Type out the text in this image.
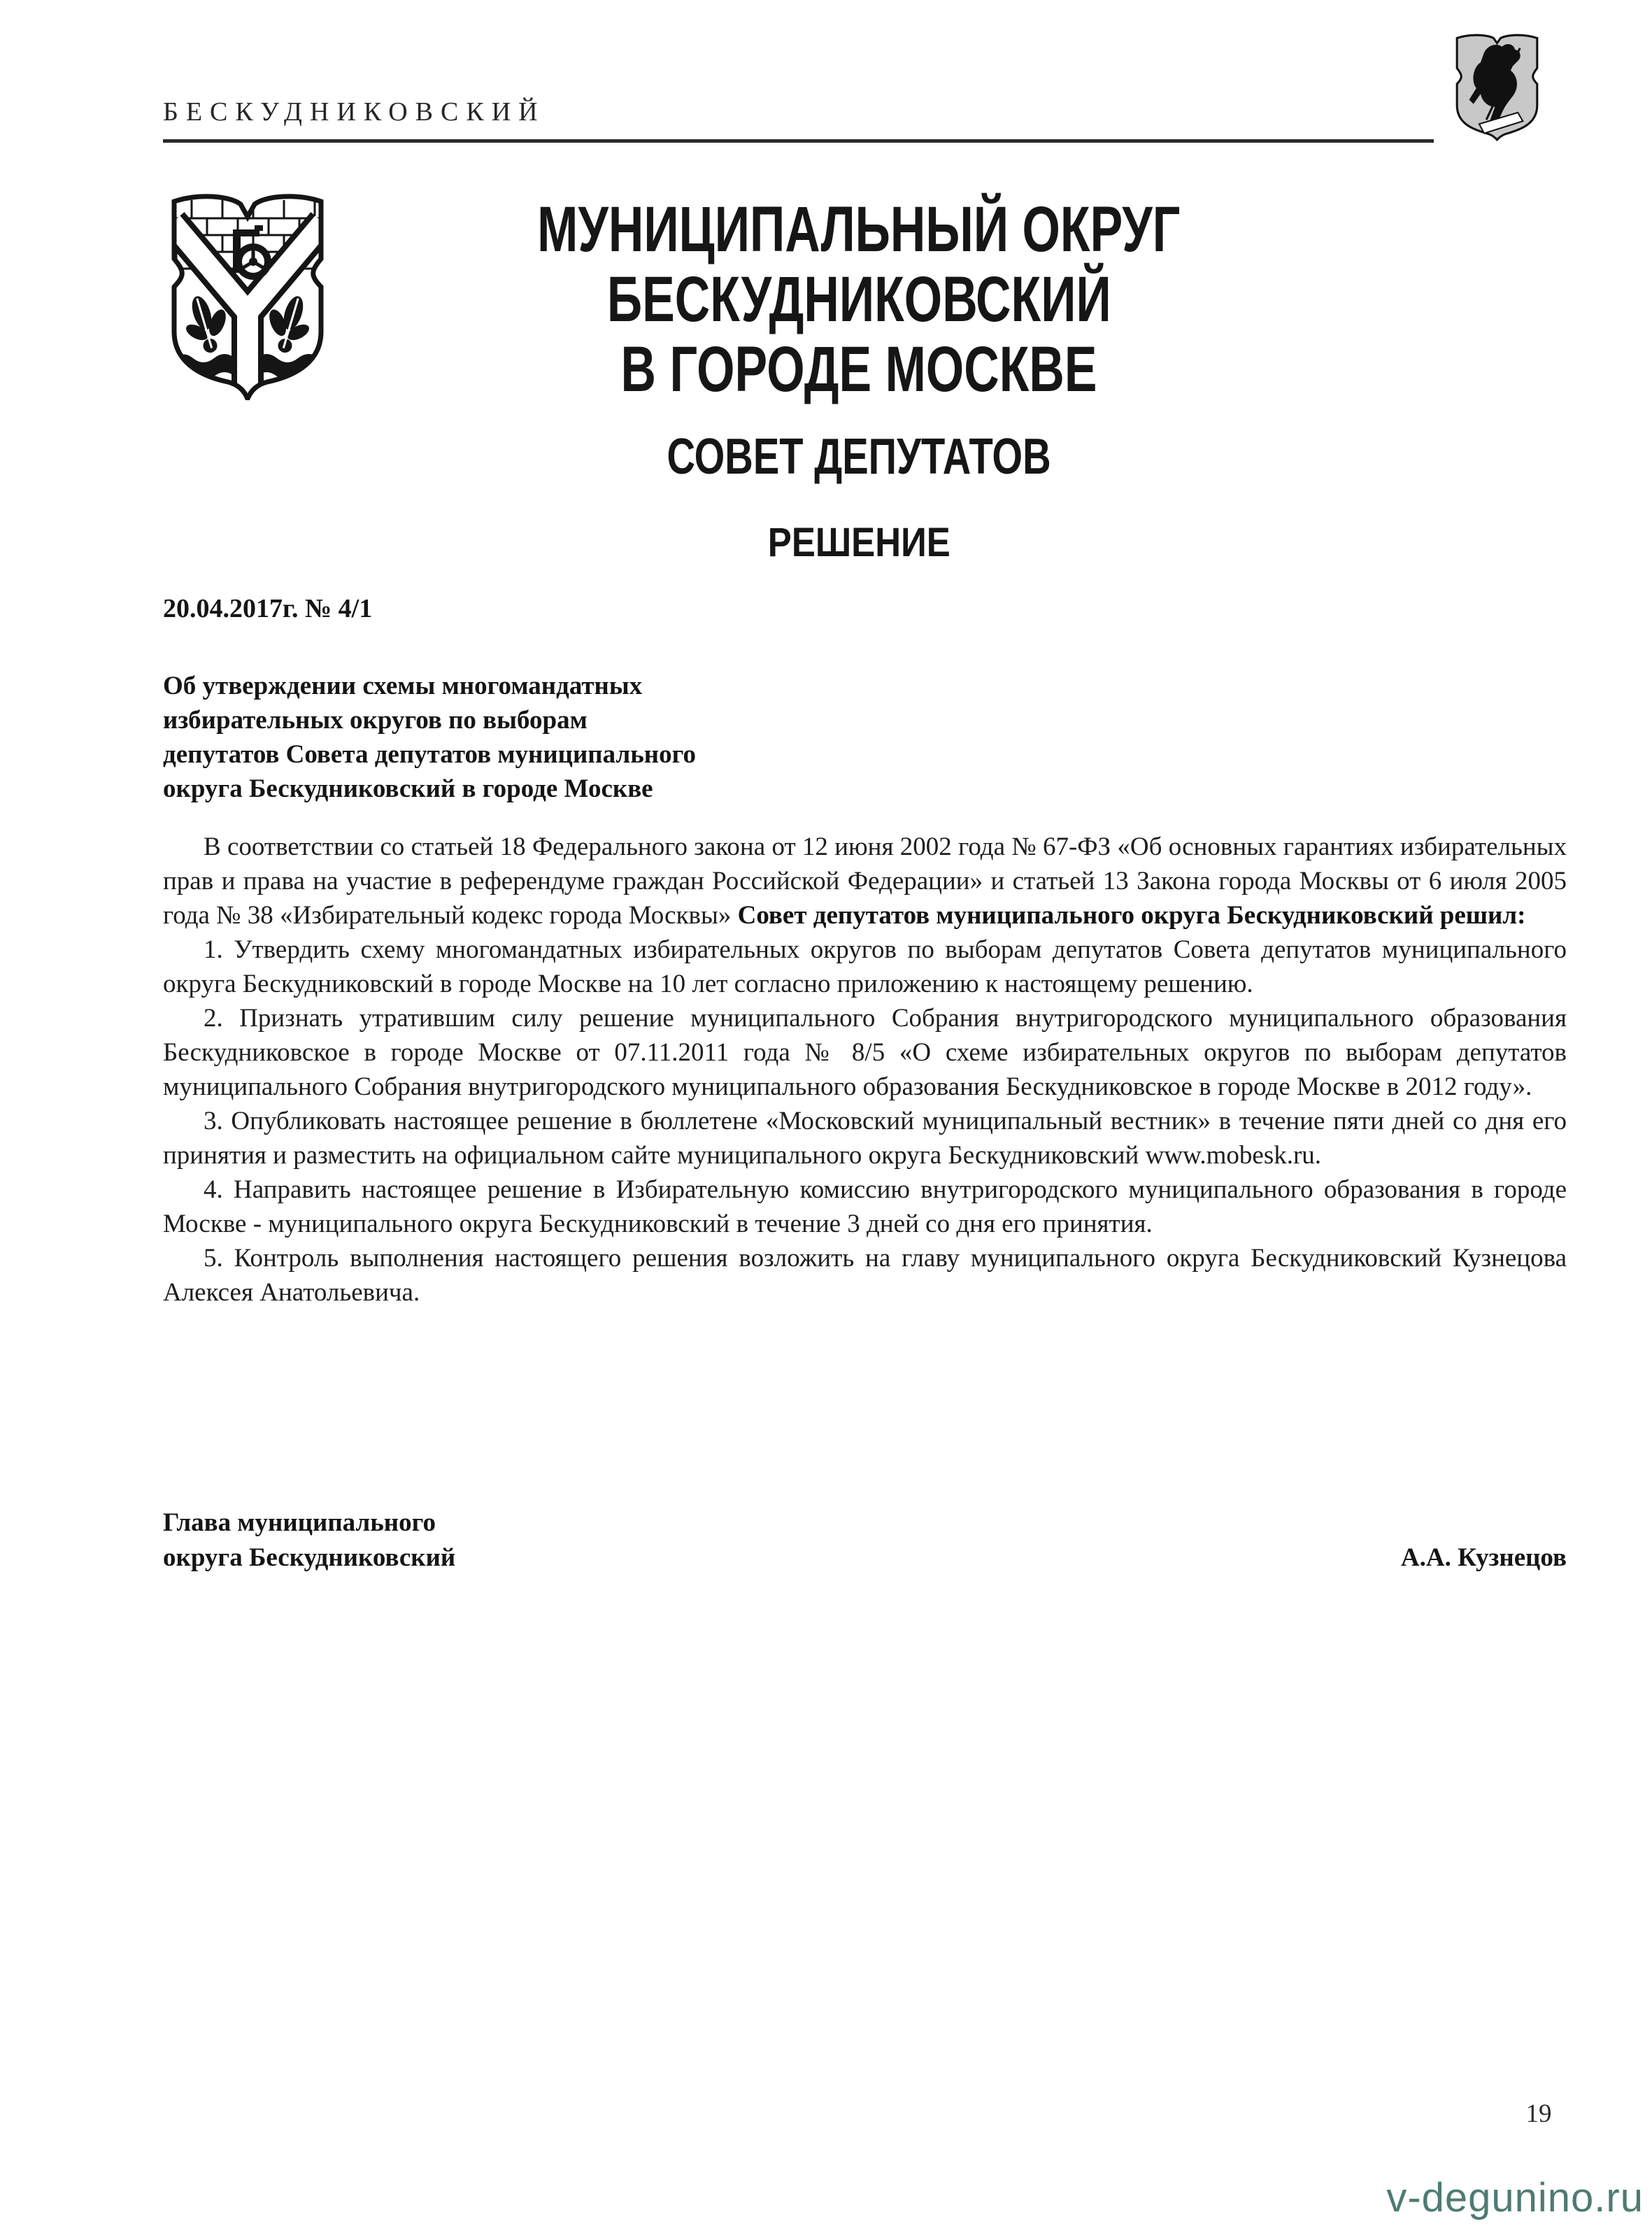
БЕСКУДНИКОВСКИЙ
МУНИЦИПАЛЬНЫЙ ОКРУГ
БЕСКУДНИКОВСКИЙ
В ГОРОДЕ МОСКВЕ
СОВЕТ ДЕПУТАТОВ
РЕШЕНИЕ
20.04.2017г. № 4/1
Об утверждении схемы многомандатных
избирательных округов по выборам
депутатов Совета депутатов муниципального
округа Бескудниковский в городе Москве

В соответствии со статьей 18 Федерального закона от 12 июня 2002 года № 67-ФЗ «Об основных гарантиях избирательных прав и права на участие в референдуме граждан Российской Федерации» и статьей 13 Закона города Москвы от 6 июля 2005 года № 38 «Избирательный кодекс города Москвы» Совет депутатов муниципального округа Бескудниковский решил:

1. Утвердить схему многомандатных избирательных округов по выборам депутатов Совета депутатов муниципального округа Бескудниковский в городе Москве на 10 лет согласно приложению к настоящему решению.

2. Признать утратившим силу решение муниципального Собрания внутригородского муниципального образования Бескудниковское в городе Москве от 07.11.2011 года № 8/5 «О схеме избирательных округов по выборам депутатов муниципального Собрания внутригородского муниципального образования Бескудниковское в городе Москве в 2012 году».

3. Опубликовать настоящее решение в бюллетене «Московский муниципальный вестник» в течение пяти дней со дня его принятия и разместить на официальном сайте муниципального округа Бескудниковский www.mobesk.ru.

4. Направить настоящее решение в Избирательную комиссию внутригородского муниципального образования в городе Москве - муниципального округа Бескудниковский в течение 3 дней со дня его принятия.

5. Контроль выполнения настоящего решения возложить на главу муниципального округа Бескудниковский Кузнецова Алексея Анатольевича.

Глава муниципального
округа Бескудниковский	А.А. Кузнецов
19
v-degunino.ru
